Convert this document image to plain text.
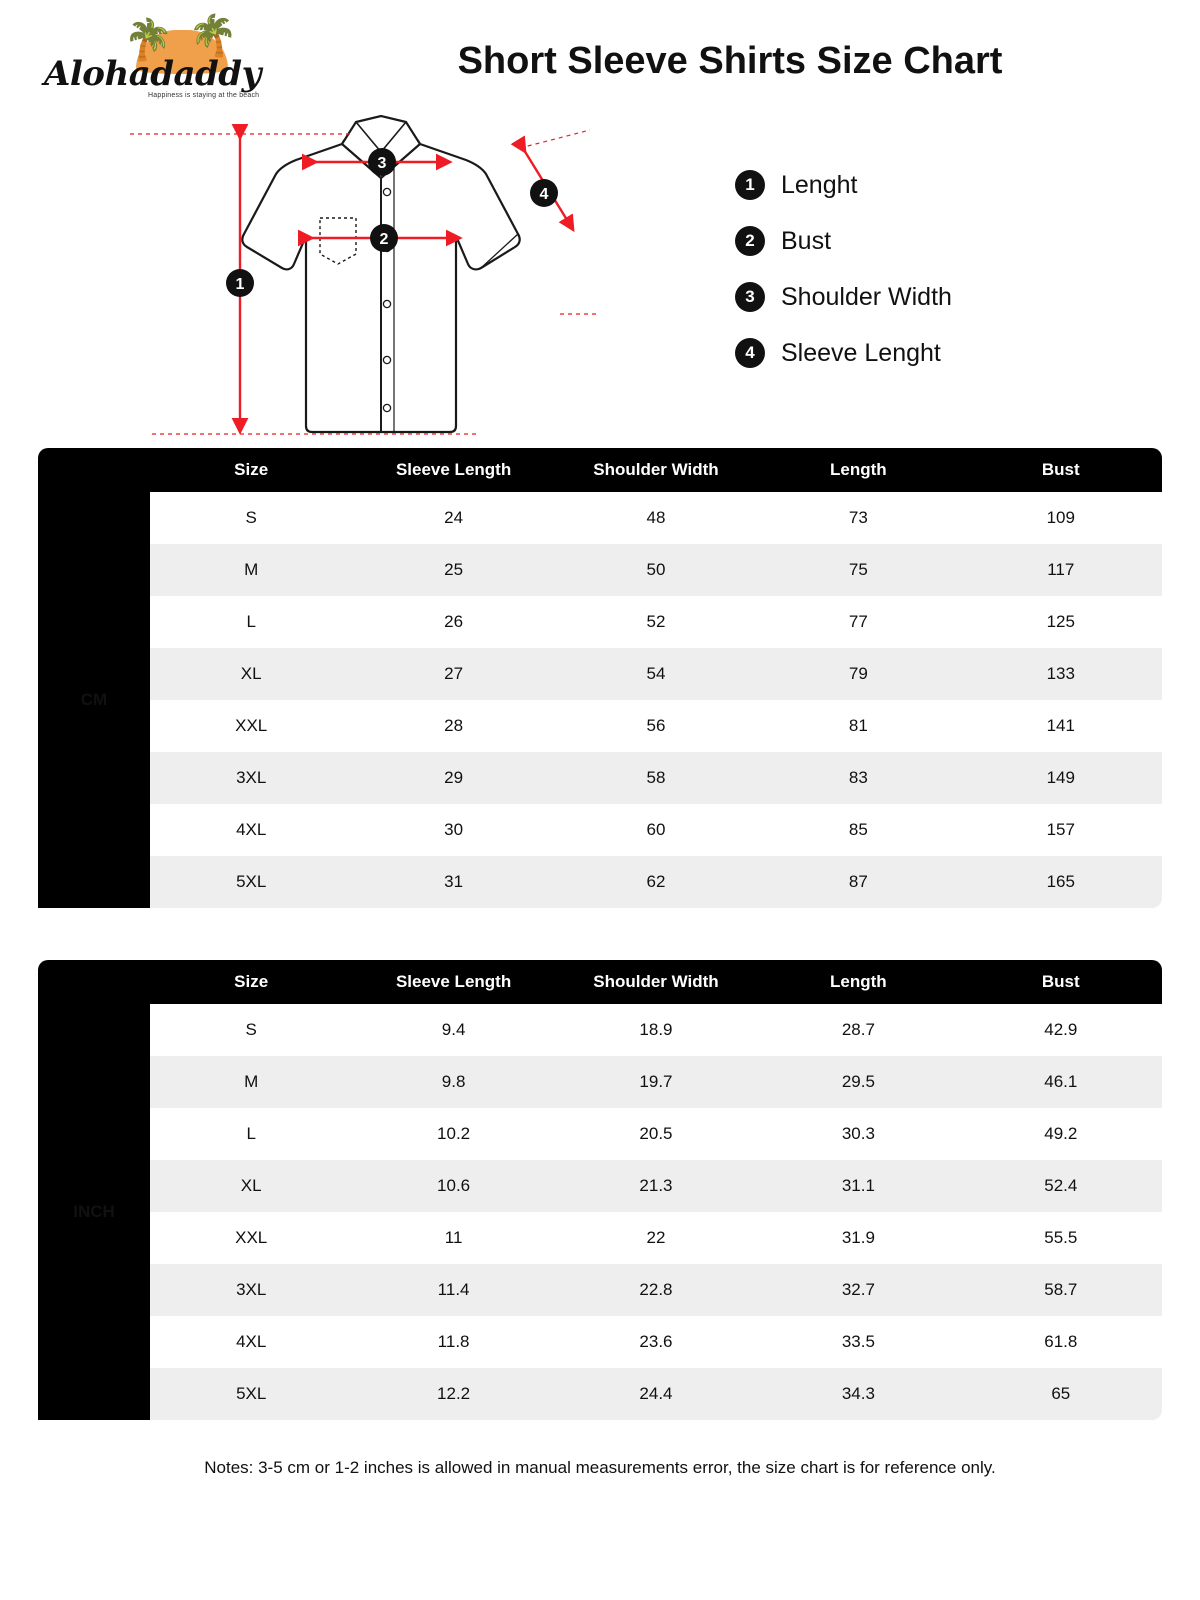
🌴 🌴
Alohadaddy
Happiness is staying at the beach
Short Sleeve Shirts Size Chart
1
2
3
4
1	Lenght
2	Bust
3	Shoulder Width
4	Sleeve Lenght
	Size	Sleeve Length	Shoulder Width	Length	Bust
CM	S	24	48	73	109
	M	25	50	75	117
	L	26	52	77	125
	XL	27	54	79	133
	XXL	28	56	81	141
	3XL	29	58	83	149
	4XL	30	60	85	157
	5XL	31	62	87	165
	Size	Sleeve Length	Shoulder Width	Length	Bust
INCH	S	9.4	18.9	28.7	42.9
	M	9.8	19.7	29.5	46.1
	L	10.2	20.5	30.3	49.2
	XL	10.6	21.3	31.1	52.4
	XXL	11	22	31.9	55.5
	3XL	11.4	22.8	32.7	58.7
	4XL	11.8	23.6	33.5	61.8
	5XL	12.2	24.4	34.3	65
Notes: 3-5 cm or 1-2 inches is allowed in manual measurements error, the size chart is for reference only.
